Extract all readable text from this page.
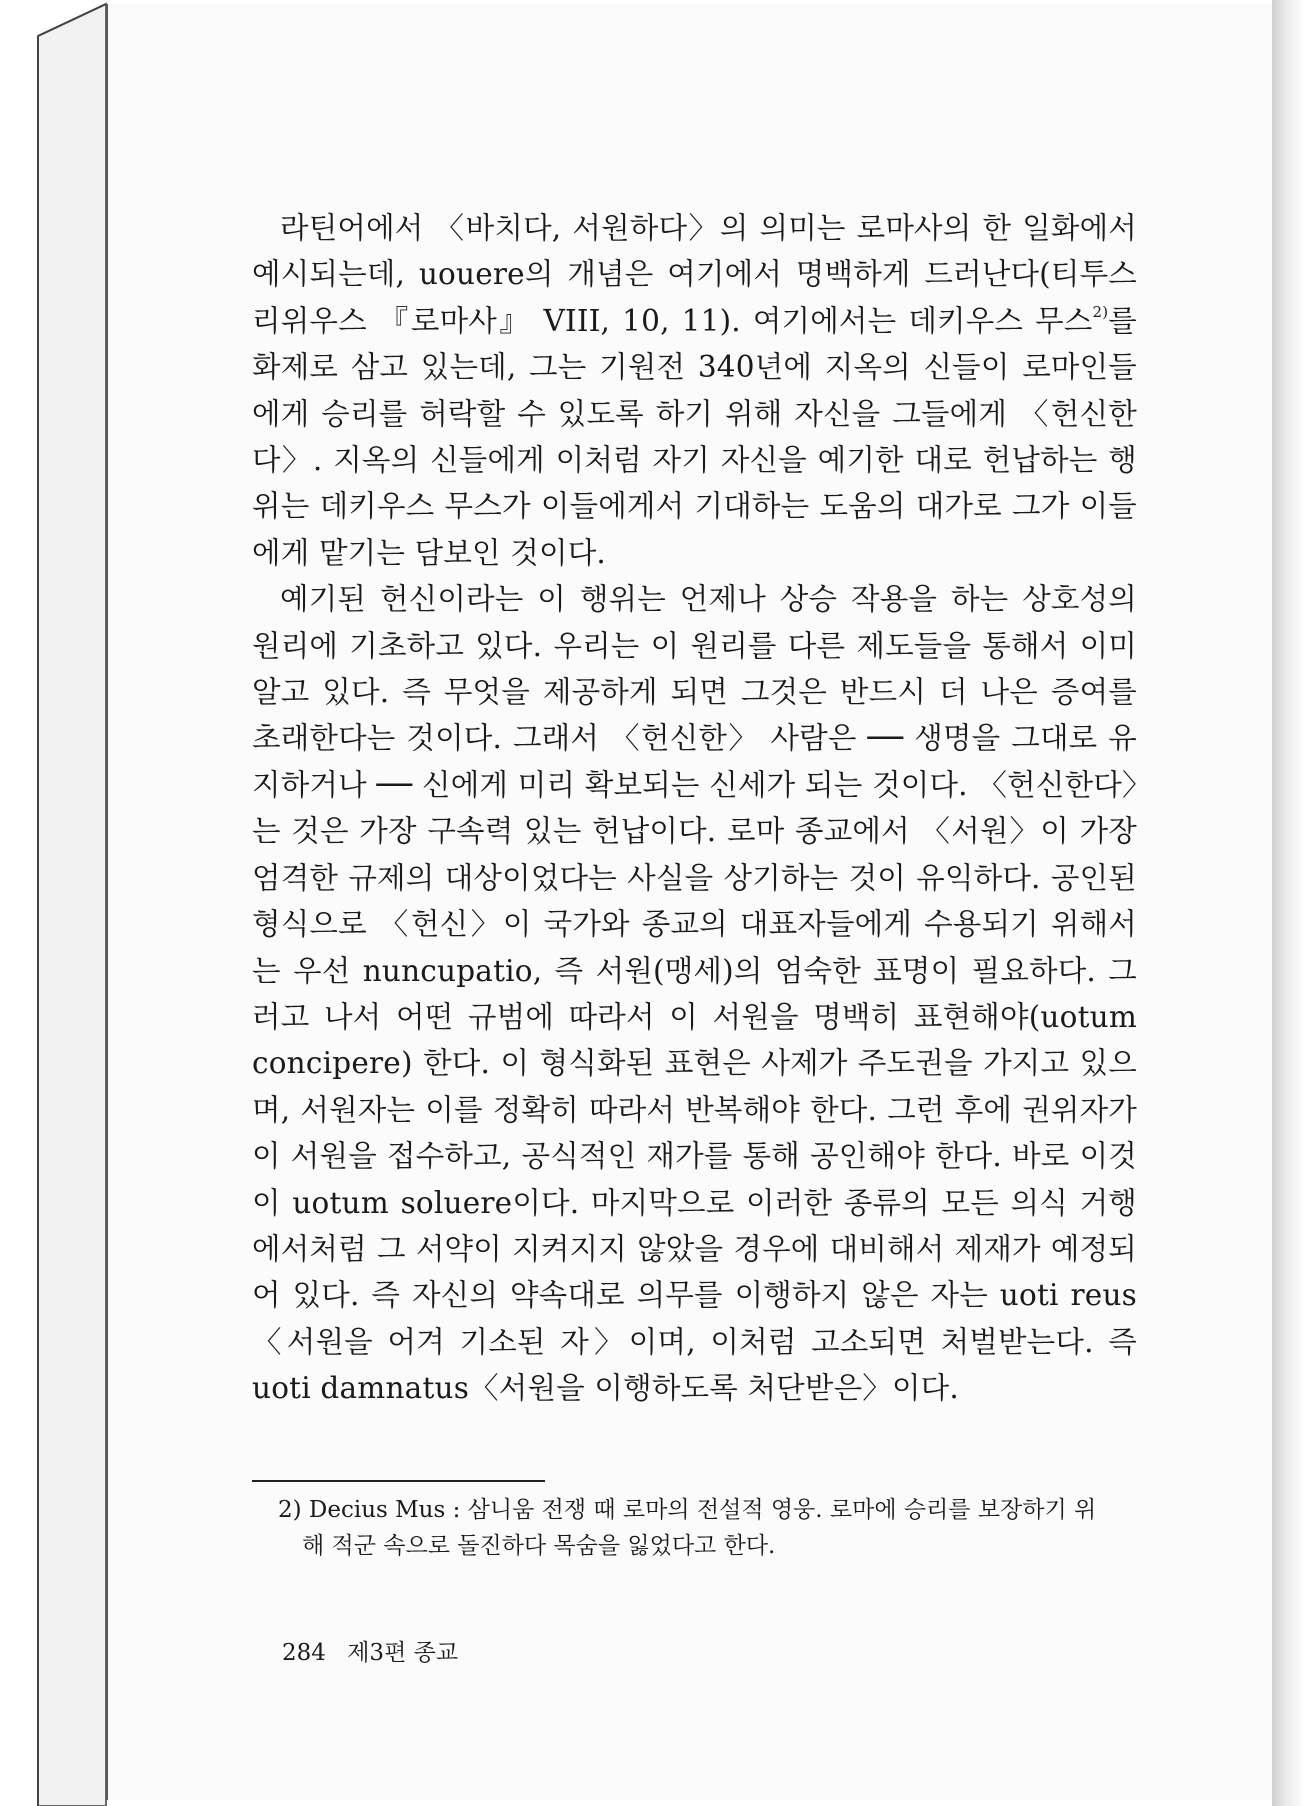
라틴어에서 〈바치다, 서원하다〉의 의미는 로마사의 한 일화에서 예시되는데, uouere의 개념은 여기에서 명백하게 드러난다(티투스 리위우스 『로마사』 VIII, 10, 11). 여기에서는 데키우스 무스$^{2)}$를 화제로 삼고 있는데, 그는 기원전 340년에 지옥의 신들이 로마인들에게 승리를 허락할 수 있도록 하기 위해 자신을 그들에게 〈헌신한다〉. 지옥의 신들에게 이처럼 자기 자신을 예기한 대로 헌납하는 행위는 데키우스 무스가 이들에게서 기대하는 도움의 대가로 그가 이들에게 맡기는 담보인 것이다.

예기된 헌신이라는 이 행위는 언제나 상승 작용을 하는 상호성의 원리에 기초하고 있다. 우리는 이 원리를 다른 제도들을 통해서 이미 알고 있다. 즉 무엇을 제공하게 되면 그것은 반드시 더 나은 증여를 초래한다는 것이다. 그래서 〈헌신한〉 사람은 ── 생명을 그대로 유지하거나 ── 신에게 미리 확보되는 신세가 되는 것이다. 〈헌신한다〉는 것은 가장 구속력 있는 헌납이다. 로마 종교에서 〈서원〉이 가장 엄격한 규제의 대상이었다는 사실을 상기하는 것이 유익하다. 공인된 형식으로 〈헌신〉이 국가와 종교의 대표자들에게 수용되기 위해서는 우선 nuncupatio, 즉 서원(맹세)의 엄숙한 표명이 필요하다. 그러고 나서 어떤 규범에 따라서 이 서원을 명백히 표현해야(uotum concipere) 한다. 이 형식화된 표현은 사제가 주도권을 가지고 있으며, 서원자는 이를 정확히 따라서 반복해야 한다. 그런 후에 권위자가 이 서원을 접수하고, 공식적인 재가를 통해 공인해야 한다. 바로 이것이 uotum soluere이다. 마지막으로 이러한 종류의 모든 의식 거행에서처럼 그 서약이 지켜지지 않았을 경우에 대비해서 제재가 예정되어 있다. 즉 자신의 약속대로 의무를 이행하지 않은 자는 uoti reus〈서원을 어겨 기소된 자〉이며, 이처럼 고소되면 처벌받는다. 즉 uoti damnatus〈서원을 이행하도록 처단받은〉이다.

2) Decius Mus : 삼니움 전쟁 때 로마의 전설적 영웅. 로마에 승리를 보장하기 위
해 적군 속으로 돌진하다 목숨을 잃었다고 한다.
284 제3편 종교
